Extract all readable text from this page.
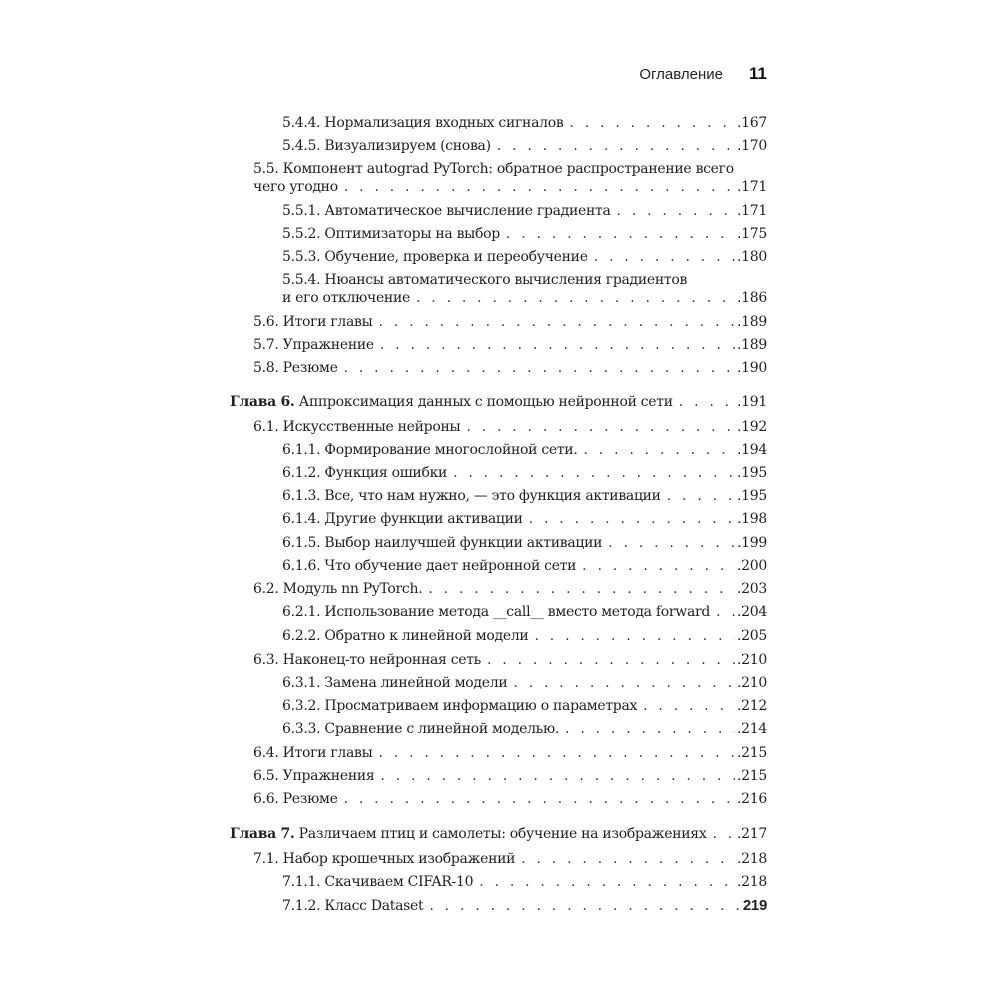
Оглавление 11
5.4.4. Нормализация входных сигналов . . .	.167
5.4.5. Визуализируем (снова) . . .	.170
5.5. Компонент autograd PyTorch: обратное распространение всего
чего угодно . . .	.171
5.5.1. Автоматическое вычисление градиента . . .	.171
5.5.2. Оптимизаторы на выбор . . .	.175
5.5.3. Обучение, проверка и переобучение . . .	.180
5.5.4. Нюансы автоматического вычисления градиентов
и его отключение . . .	.186
5.6. Итоги главы . . .	.189
5.7. Упражнение . . .	.189
5.8. Резюме . . .	.190
Глава 6. Аппроксимация данных с помощью нейронной сети . . .	.191
6.1. Искусственные нейроны . . .	.192
6.1.1. Формирование многослойной сети. . . .	.194
6.1.2. Функция ошибки . . .	.195
6.1.3. Все, что нам нужно, — это функция активации . . .	.195
6.1.4. Другие функции активации . . .	.198
6.1.5. Выбор наилучшей функции активации . . .	.199
6.1.6. Что обучение дает нейронной сети . . .	.200
6.2. Модуль nn PyTorch. . . .	.203
6.2.1. Использование метода __call__ вместо метода forward . . . .204
6.2.2. Обратно к линейной модели . . .	.205
6.3. Наконец-то нейронная сеть . . .	.210
6.3.1. Замена линейной модели . . .	.210
6.3.2. Просматриваем информацию о параметрах . . .	.212
6.3.3. Сравнение с линейной моделью. . . .	.214
6.4. Итоги главы . . .	.215
6.5. Упражнения . . .	.215
6.6. Резюме . . .	.216
Глава 7. Различаем птиц и самолеты: обучение на изображениях . . . .217
7.1. Набор крошечных изображений . . .	.218
7.1.1. Скачиваем CIFAR-10 . . .	.218
7.1.2. Класс Dataset . . .	219
